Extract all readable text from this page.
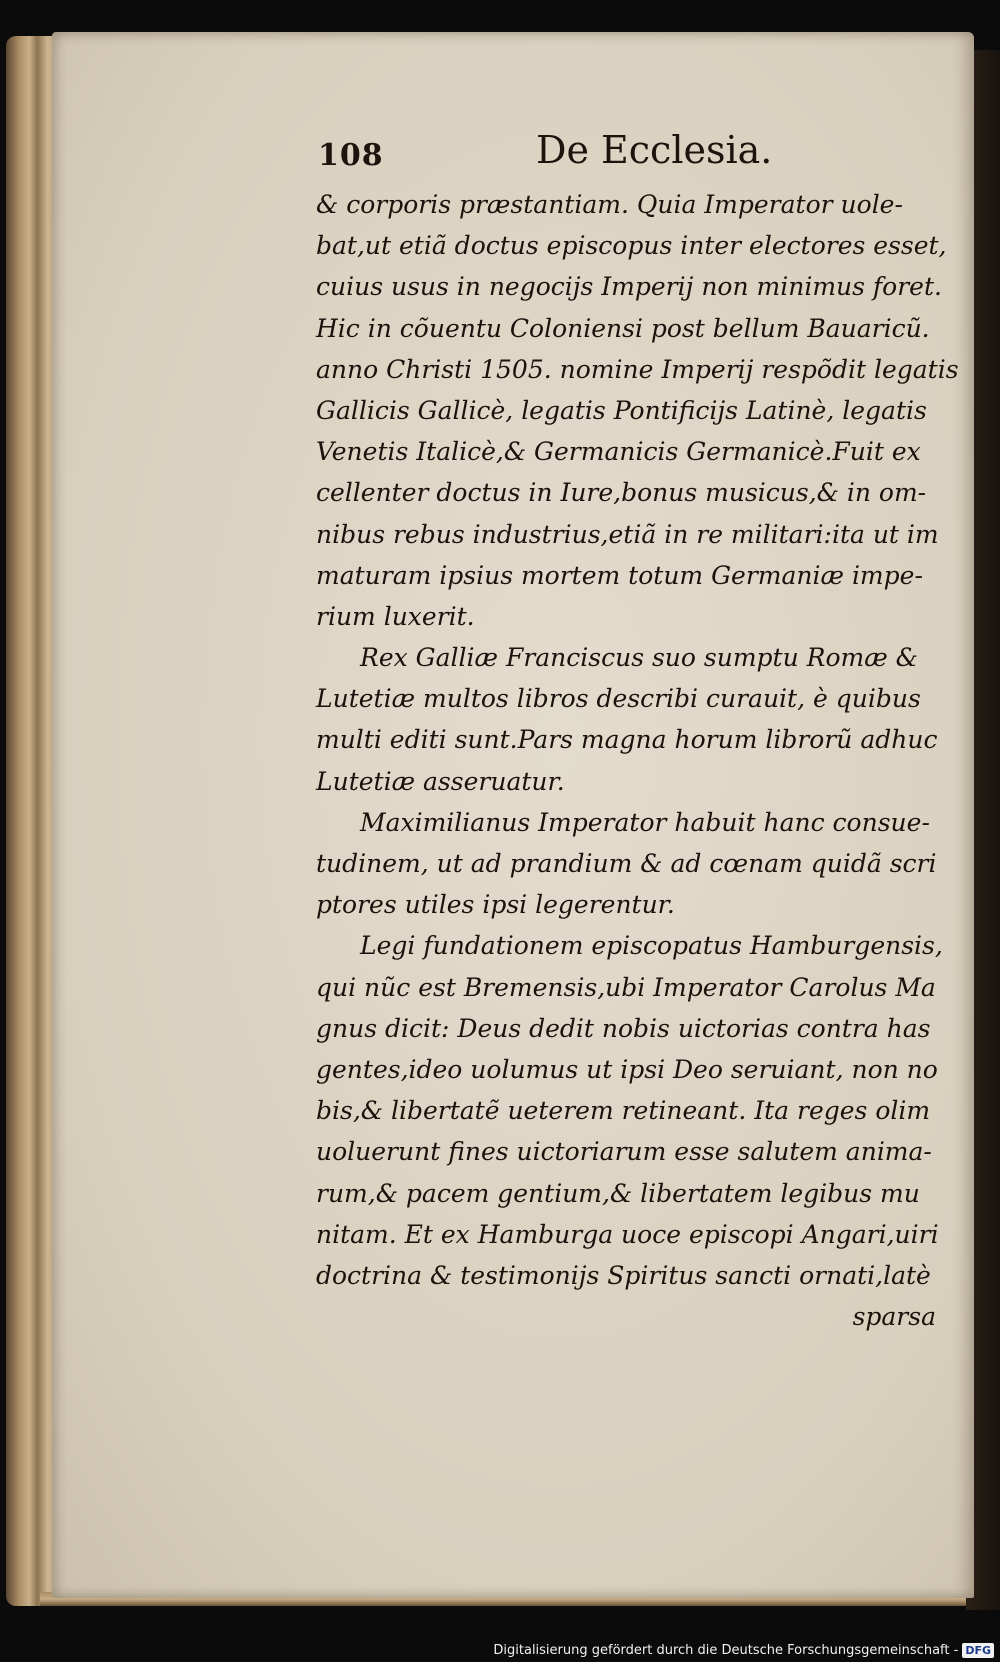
108	De Ecclesia.
& corporis præstantiam. Quia Imperator uole-
bat,ut etiã doctus episcopus inter electores esset,
cuius usus in negocijs Imperij non minimus foret.
Hic in cõuentu Coloniensi post bellum Bauaricũ.
anno Christi 1505. nomine Imperij respõdit legatis
Gallicis Gallicè, legatis Pontificijs Latinè, legatis
Venetis Italicè,& Germanicis Germanicè.Fuit ex
cellenter doctus in Iure,bonus musicus,& in om-
nibus rebus industrius,etiã in re militari:ita ut im
maturam ipsius mortem totum Germaniæ impe-
rium luxerit.
Rex Galliæ Franciscus suo sumptu Romæ &
Lutetiæ multos libros describi curauit, è quibus
multi editi sunt.Pars magna horum librorũ adhuc
Lutetiæ asseruatur.
Maximilianus Imperator habuit hanc consue-
tudinem, ut ad prandium & ad cœnam quidã scri
ptores utiles ipsi legerentur.
Legi fundationem episcopatus Hamburgensis,
qui nũc est Bremensis,ubi Imperator Carolus Ma
gnus dicit: Deus dedit nobis uictorias contra has
gentes,ideo uolumus ut ipsi Deo seruiant, non no
bis,& libertatẽ ueterem retineant. Ita reges olim
uoluerunt fines uictoriarum esse salutem anima-
rum,& pacem gentium,& libertatem legibus mu
nitam. Et ex Hamburga uoce episcopi Angari,uiri
doctrina & testimonijs Spiritus sancti ornati,latè
sparsa
Digitalisierung gefördert durch die Deutsche Forschungsgemeinschaft - DFG
